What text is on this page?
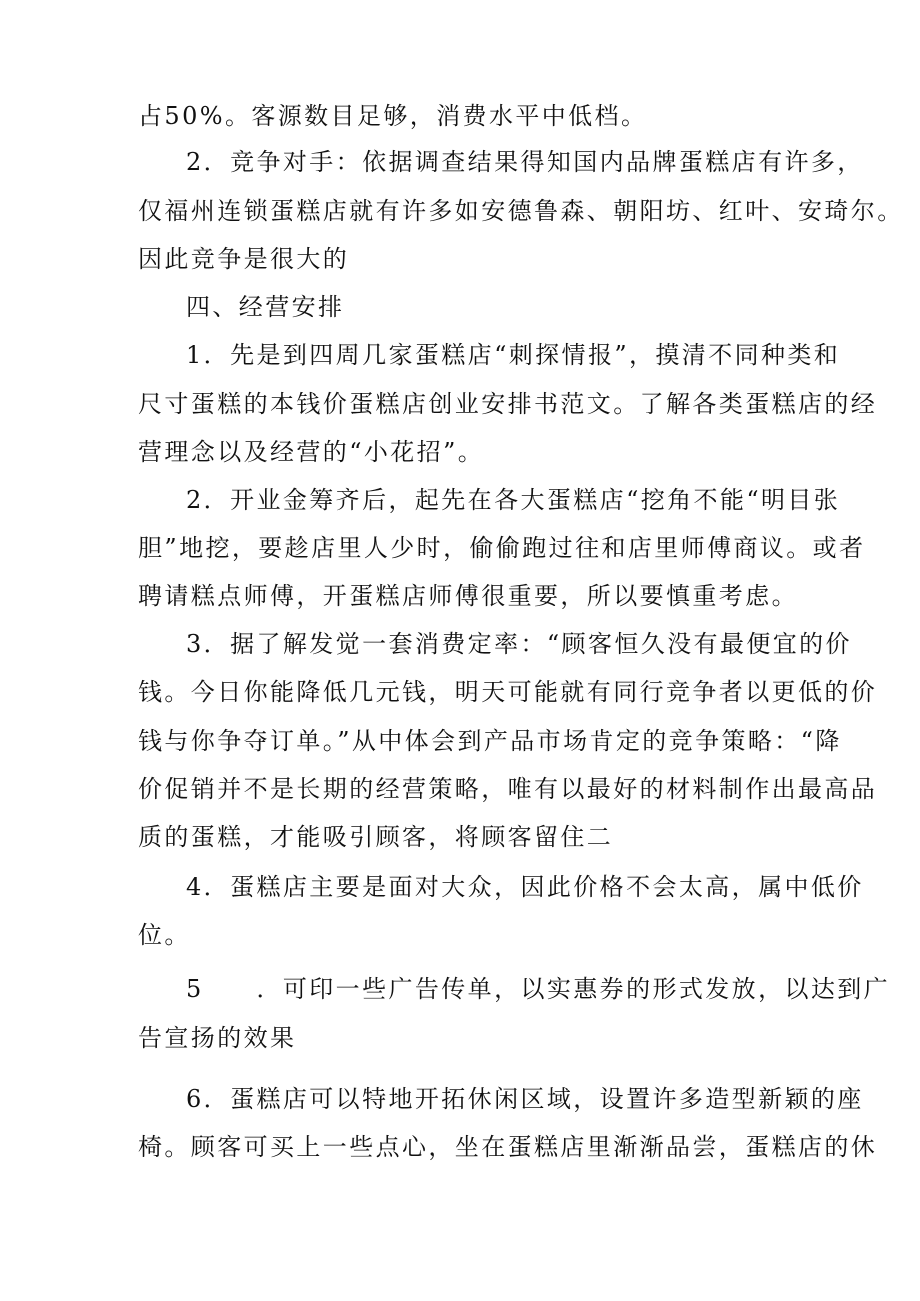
占50%。客源数目足够，消费水平中低档。
2．竞争对手：依据调查结果得知国内品牌蛋糕店有许多，
仅福州连锁蛋糕店就有许多如安德鲁森、朝阳坊、红叶、安琦尔。
因此竞争是很大的
四、经营安排
1．先是到四周几家蛋糕店“刺探情报”，摸清不同种类和
尺寸蛋糕的本钱价蛋糕店创业安排书范文。了解各类蛋糕店的经
营理念以及经营的“小花招”。
2．开业金筹齐后，起先在各大蛋糕店“挖角不能“明目张
胆”地挖，要趁店里人少时，偷偷跑过往和店里师傅商议。或者
聘请糕点师傅，开蛋糕店师傅很重要，所以要慎重考虑。
3．据了解发觉一套消费定率：“顾客恒久没有最便宜的价
钱。今日你能降低几元钱，明天可能就有同行竞争者以更低的价
钱与你争夺订单。”从中体会到产品市场肯定的竞争策略：“降
价促销并不是长期的经营策略，唯有以最好的材料制作出最高品
质的蛋糕，才能吸引顾客，将顾客留住二
4．蛋糕店主要是面对大众，因此价格不会太高，属中低价
位。
5　　．可印一些广告传单，以实惠券的形式发放，以达到广
告宣扬的效果
6．蛋糕店可以特地开拓休闲区域，设置许多造型新颖的座
椅。顾客可买上一些点心，坐在蛋糕店里渐渐品尝，蛋糕店的休
